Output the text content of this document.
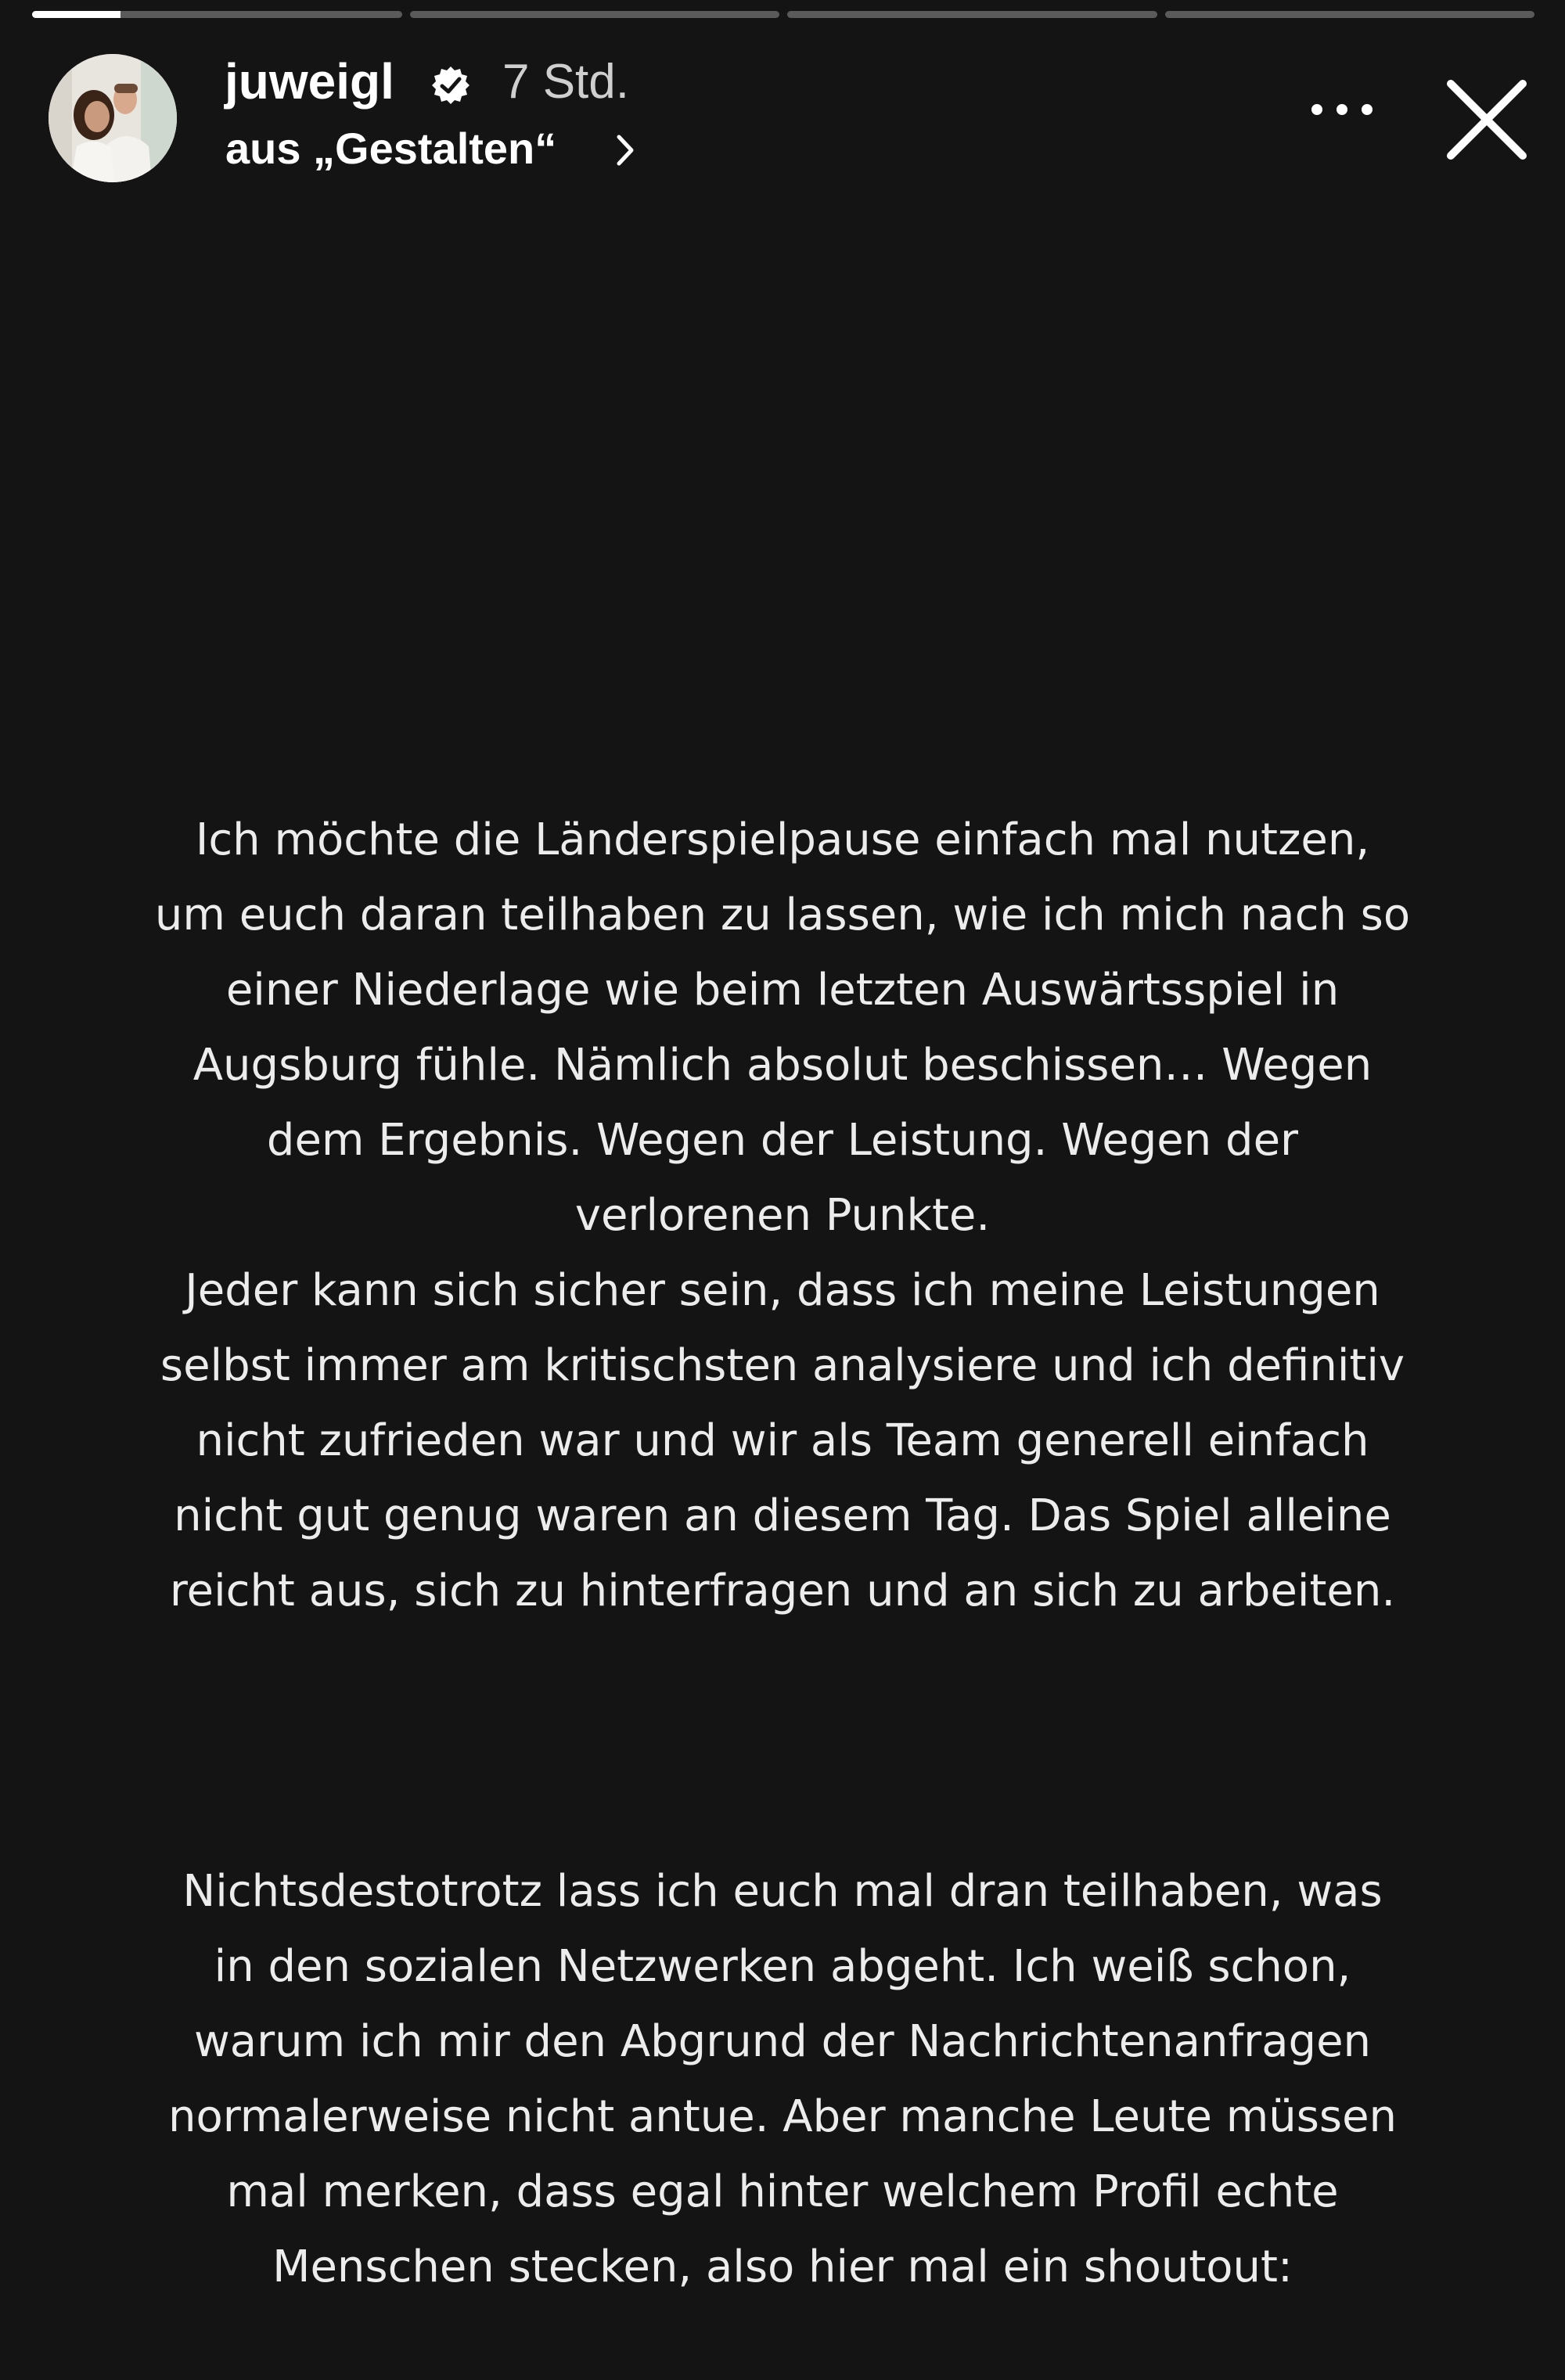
juweigl 7 Std.
aus „Gestalten“

Ich möchte die Länderspielpause einfach mal nutzen,
um euch daran teilhaben zu lassen, wie ich mich nach so
einer Niederlage wie beim letzten Auswärtsspiel in
Augsburg fühle. Nämlich absolut beschissen… Wegen
dem Ergebnis. Wegen der Leistung. Wegen der
verlorenen Punkte.
Jeder kann sich sicher sein, dass ich meine Leistungen
selbst immer am kritischsten analysiere und ich definitiv
nicht zufrieden war und wir als Team generell einfach
nicht gut genug waren an diesem Tag. Das Spiel alleine
reicht aus, sich zu hinterfragen und an sich zu arbeiten.

Nichtsdestotrotz lass ich euch mal dran teilhaben, was
in den sozialen Netzwerken abgeht. Ich weiß schon,
warum ich mir den Abgrund der Nachrichtenanfragen
normalerweise nicht antue. Aber manche Leute müssen
mal merken, dass egal hinter welchem Profil echte
Menschen stecken, also hier mal ein shoutout:
